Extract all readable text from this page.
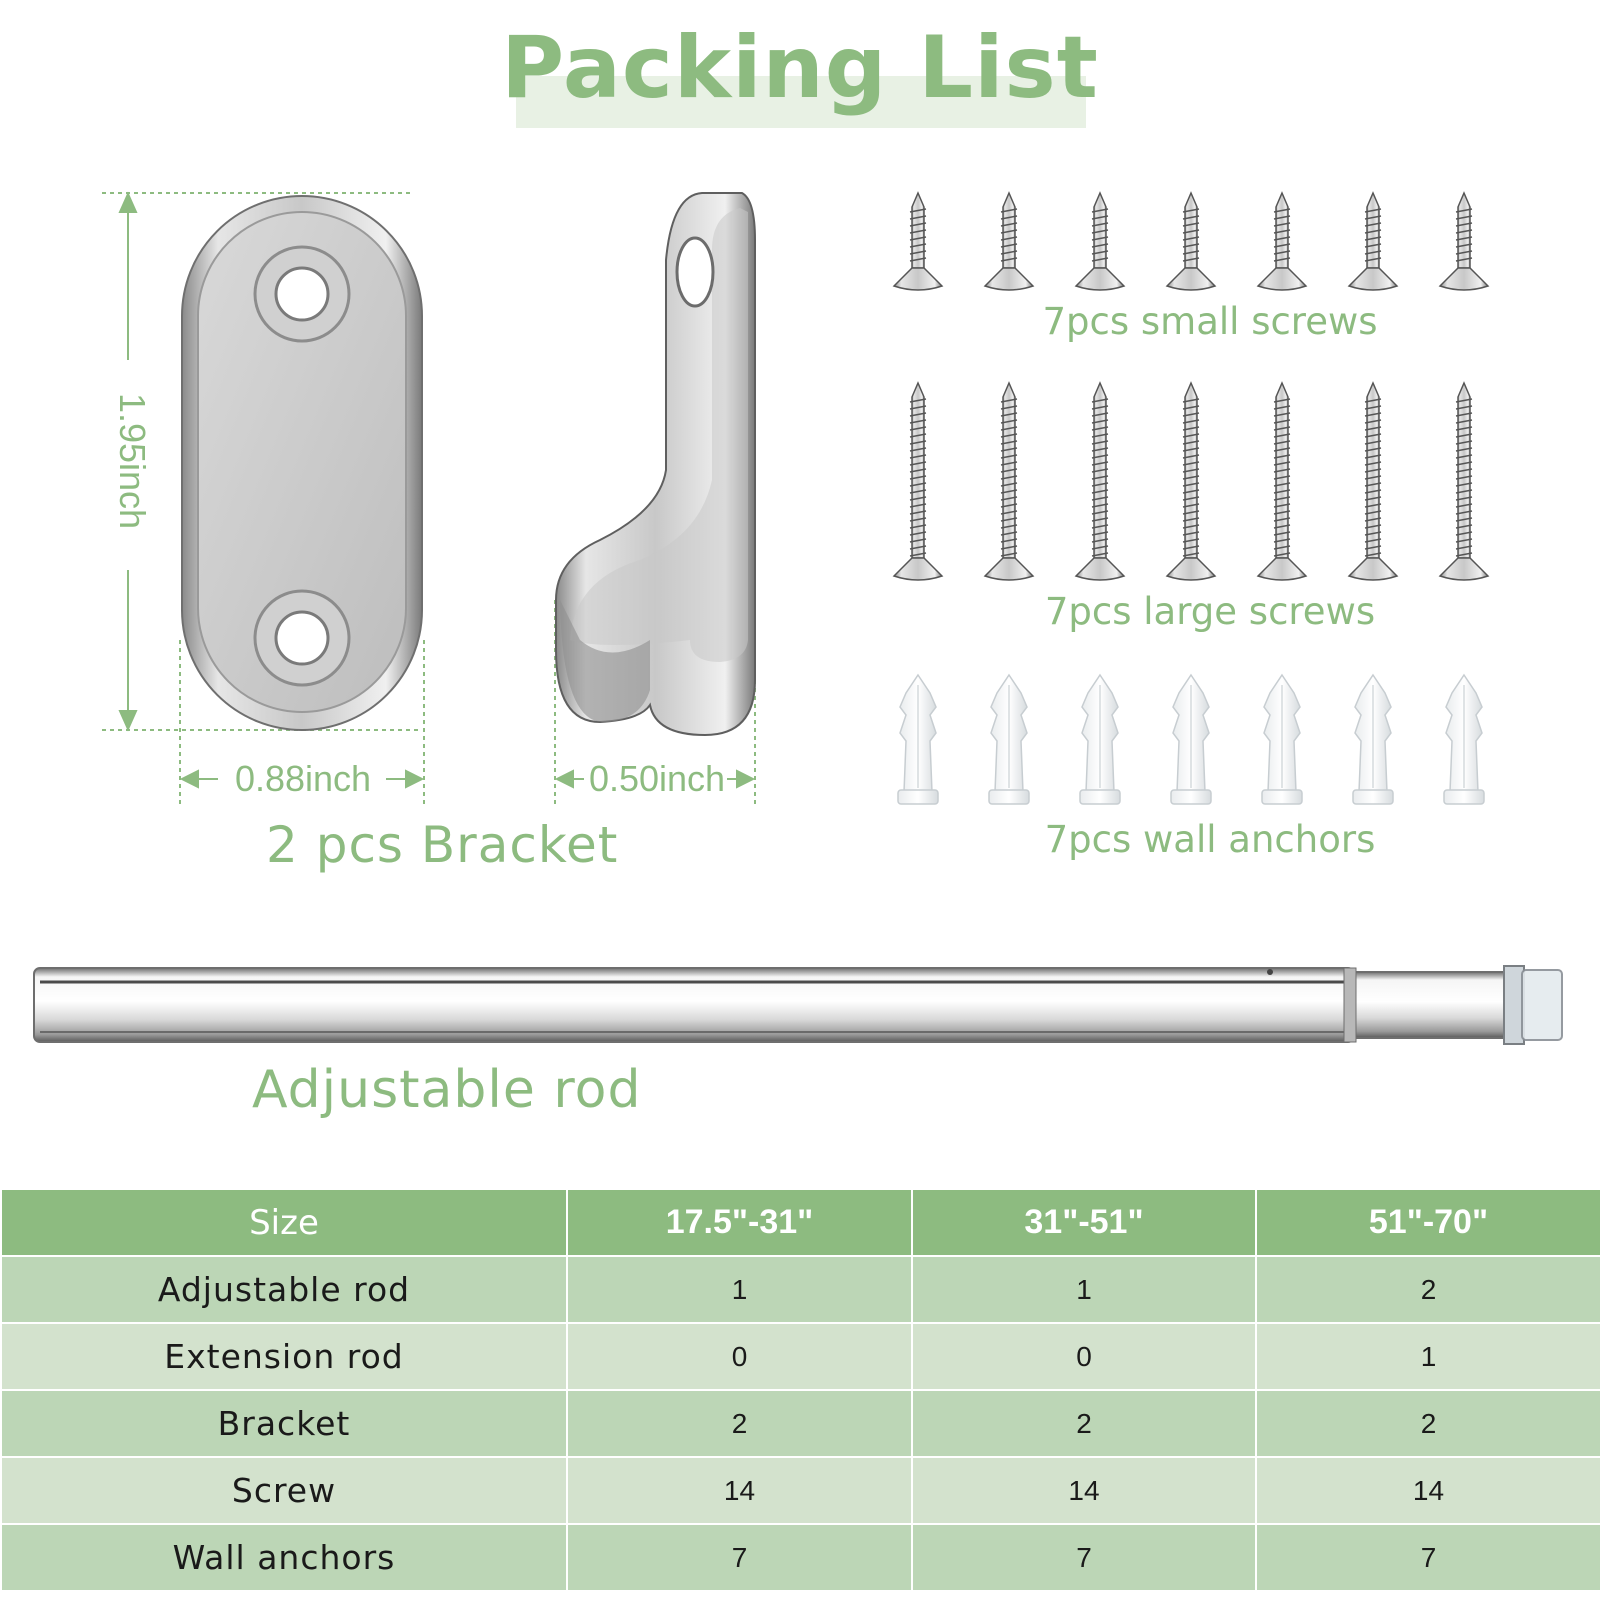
Packing List
1.95inch
0.88inch	0.50inch
2 pcs Bracket
7pcs small screws
7pcs large screws
7pcs wall anchors
Adjustable rod
Size	17.5"-31"	31"-51"	51"-70"
Adjustable rod	1	1	2
Extension rod	0	0	1
Bracket	2	2	2
Screw	14	14	14
Wall anchors	7	7	7
